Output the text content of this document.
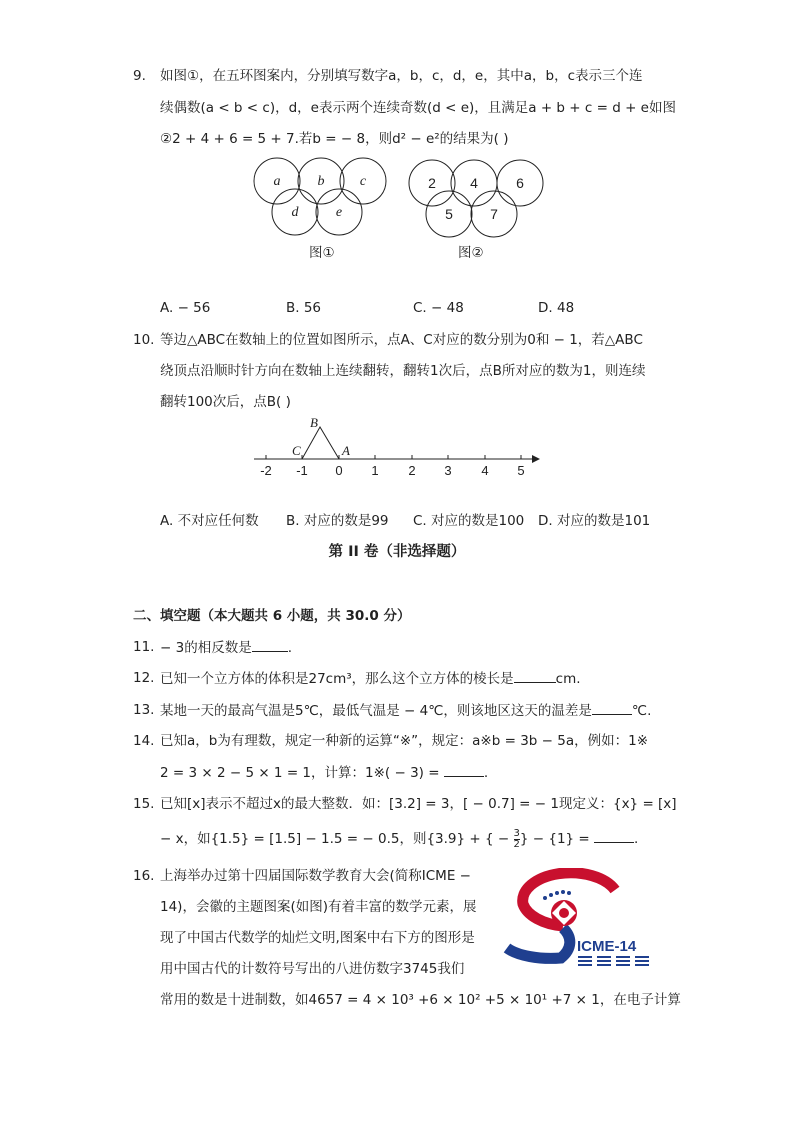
9. 如图①，在五环图案内，分别填写数字a，b，c，d，e，其中a，b，c表示三个连
续偶数(a < b < c)，d，e表示两个连续奇数(d < e)，且满足a + b + c = d + e如图
②2 + 4 + 6 = 5 + 7.若b = − 8，则d² − e²的结果为( )
a	b	c
d	e
图①
2 4	6
5	7
图②
A. − 56	B. 56	C. − 48	D. 48
10. 等边△ABC在数轴上的位置如图所示，点A、C对应的数分别为0和 − 1，若△ABC
绕顶点沿顺时针方向在数轴上连续翻转，翻转1次后，点B所对应的数为1，则连续
翻转100次后，点B( )
B
C	A
-2 -1 0 1 2 3 4 5
A. 不对应任何数 B. 对应的数是99 C. 对应的数是100 D. 对应的数是101
第 II 卷（非选择题）
二、填空题（本大题共 6 小题，共 30.0 分）
11. − 3的相反数是	.
12. 已知一个立方体的体积是27cm³，那么这个立方体的棱长是	cm.
13. 某地一天的最高气温是5℃，最低气温是 − 4℃，则该地区这天的温差是	℃.
14. 已知a，b为有理数，规定一种新的运算“※”，规定：a※b = 3b − 5a，例如：1※
2 = 3 × 2 − 5 × 1 = 1，计算：1※( − 3) =	.
15. 已知[x]表示不超过x的最大整数．如：[3.2] = 3，[ − 0.7] = − 1现定义：{x} = [x]
− x，如{1.5} = [1.5] − 1.5 = − 0.5，则{3.9} + { − $\frac{3}{2}$ } − {1} =	.
16. 上海举办过第十四届国际数学教育大会(简称ICME −
14)，会徽的主题图案(如图)有着丰富的数学元素，展
现了中国古代数学的灿烂文明,图案中右下方的图形是
用中国古代的计数符号写出的八进仿数字3745我们
常用的数是十进制数，如4657 = 4 × 10³ +6 × 10² +5 × 10¹ +7 × 1，在电子计算
ICME-14
